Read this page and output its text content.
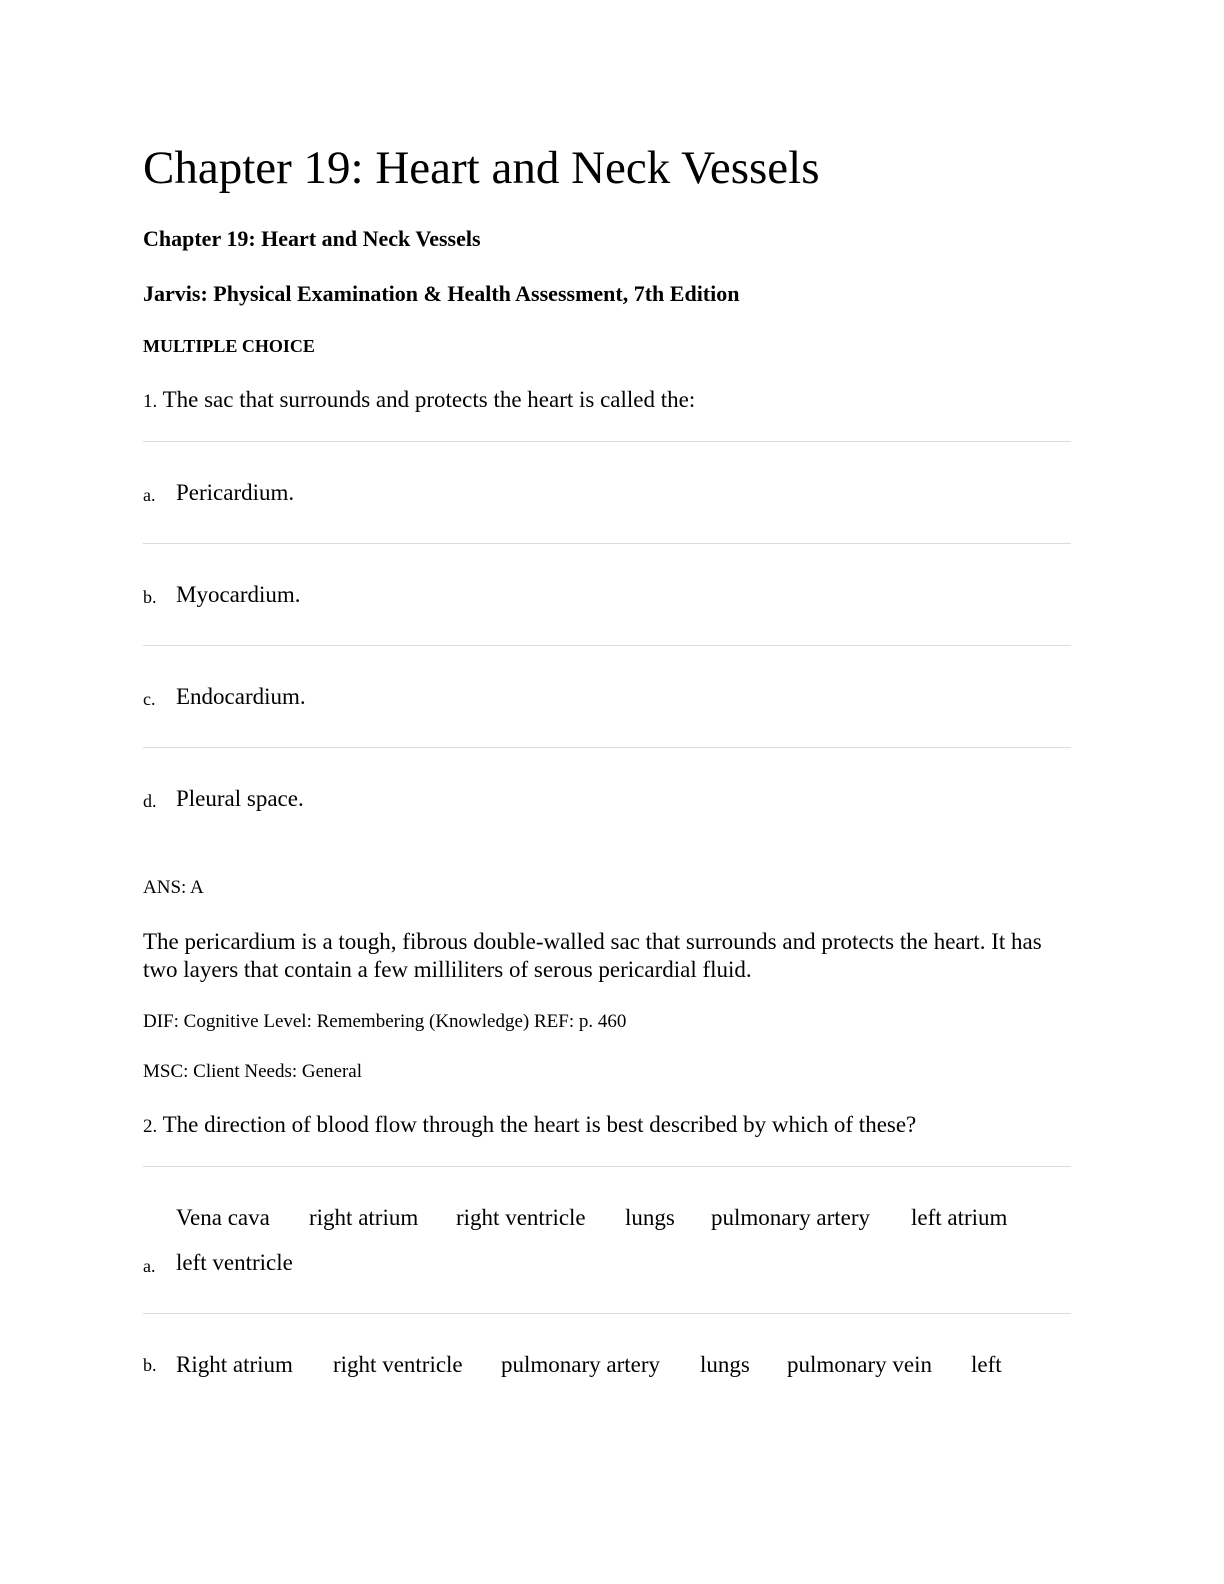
Chapter 19: Heart and Neck Vessels
Chapter 19: Heart and Neck Vessels
Jarvis: Physical Examination & Health Assessment, 7th Edition
MULTIPLE CHOICE
1. The sac that surrounds and protects the heart is called the:
a. Pericardium.
b. Myocardium.
c. Endocardium.
d. Pleural space.
ANS: A
The pericardium is a tough, fibrous double-walled sac that surrounds and protects the heart. It has two layers that contain a few milliliters of serous pericardial fluid.
DIF: Cognitive Level: Remembering (Knowledge) REF: p. 460
MSC: Client Needs: General
2. The direction of blood flow through the heart is best described by which of these?
Vena cava right atrium right ventricle lungs pulmonary artery left atrium
a. left ventricle
b. Right atrium right ventricle pulmonary artery lungs pulmonary vein left
